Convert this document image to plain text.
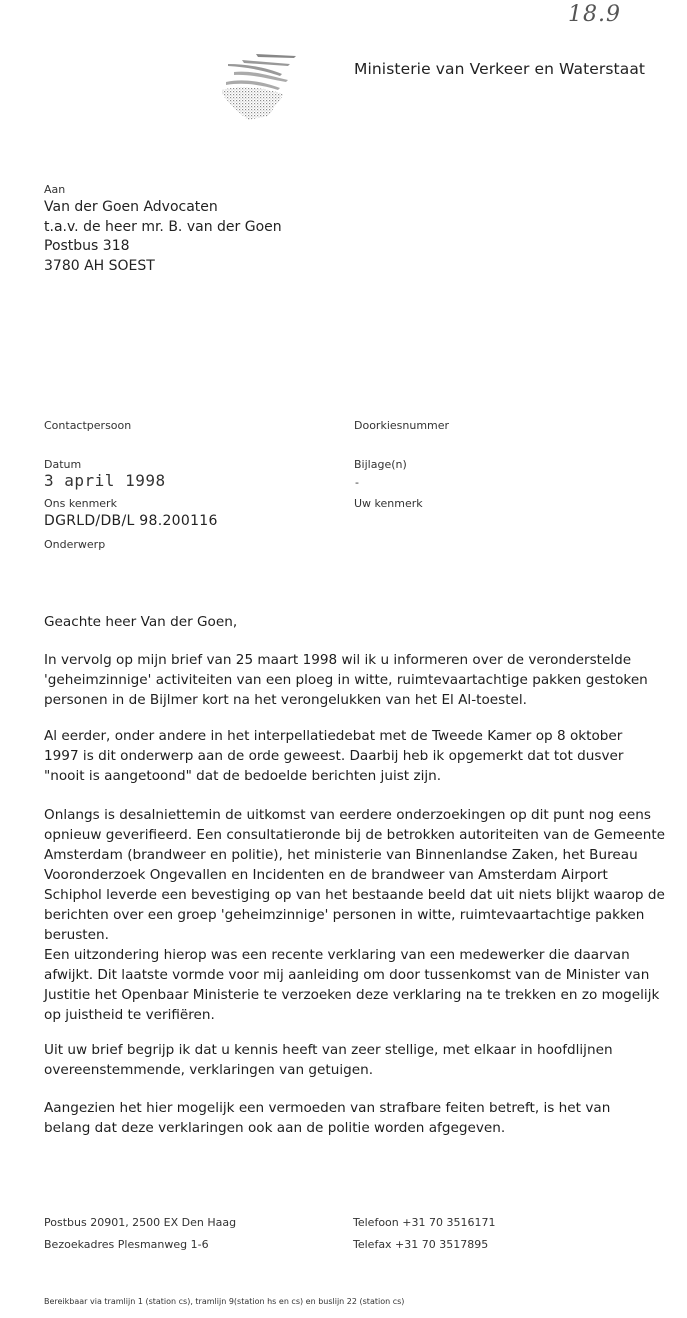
18.9
Ministerie van Verkeer en Waterstaat
Aan
Van der Goen Advocaten
t.a.v. de heer mr. B. van der Goen
Postbus 318
3780 AH SOEST
Contactpersoon	Doorkiesnummer
Datum
3 april 1998
Bijlage(n)
-
Ons kenmerk
DGRLD/DB/L 98.200116
Uw kenmerk
Onderwerp
Geachte heer Van der Goen,

In vervolg op mijn brief van 25 maart 1998 wil ik u informeren over de veronderstelde 'geheimzinnige' activiteiten van een ploeg in witte, ruimtevaartachtige pakken gestoken personen in de Bijlmer kort na het verongelukken van het El Al-toestel.

Al eerder, onder andere in het interpellatiedebat met de Tweede Kamer op 8 oktober 1997 is dit onderwerp aan de orde geweest. Daarbij heb ik opgemerkt dat tot dusver "nooit is aangetoond" dat de bedoelde berichten juist zijn.

Onlangs is desalniettemin de uitkomst van eerdere onderzoekingen op dit punt nog eens opnieuw geverifieerd. Een consultatieronde bij de betrokken autoriteiten van de Gemeente Amsterdam (brandweer en politie), het ministerie van Binnenlandse Zaken, het Bureau Vooronderzoek Ongevallen en Incidenten en de brandweer van Amsterdam Airport Schiphol leverde een bevestiging op van het bestaande beeld dat uit niets blijkt waarop de berichten over een groep 'geheimzinnige' personen in witte, ruimtevaartachtige pakken berusten.

Een uitzondering hierop was een recente verklaring van een medewerker die daarvan afwijkt. Dit laatste vormde voor mij aanleiding om door tussenkomst van de Minister van Justitie het Openbaar Ministerie te verzoeken deze verklaring na te trekken en zo mogelijk op juistheid te verifiëren.

Uit uw brief begrijp ik dat u kennis heeft van zeer stellige, met elkaar in hoofdlijnen overeenstemmende, verklaringen van getuigen.

Aangezien het hier mogelijk een vermoeden van strafbare feiten betreft, is het van belang dat deze verklaringen ook aan de politie worden afgegeven.

Postbus 20901, 2500 EX Den Haag
Bezoekadres Plesmanweg 1-6
Telefoon +31 70 3516171
Telefax +31 70 3517895
Bereikbaar via tramlijn 1 (station cs), tramlijn 9(station hs en cs) en buslijn 22 (station cs)
